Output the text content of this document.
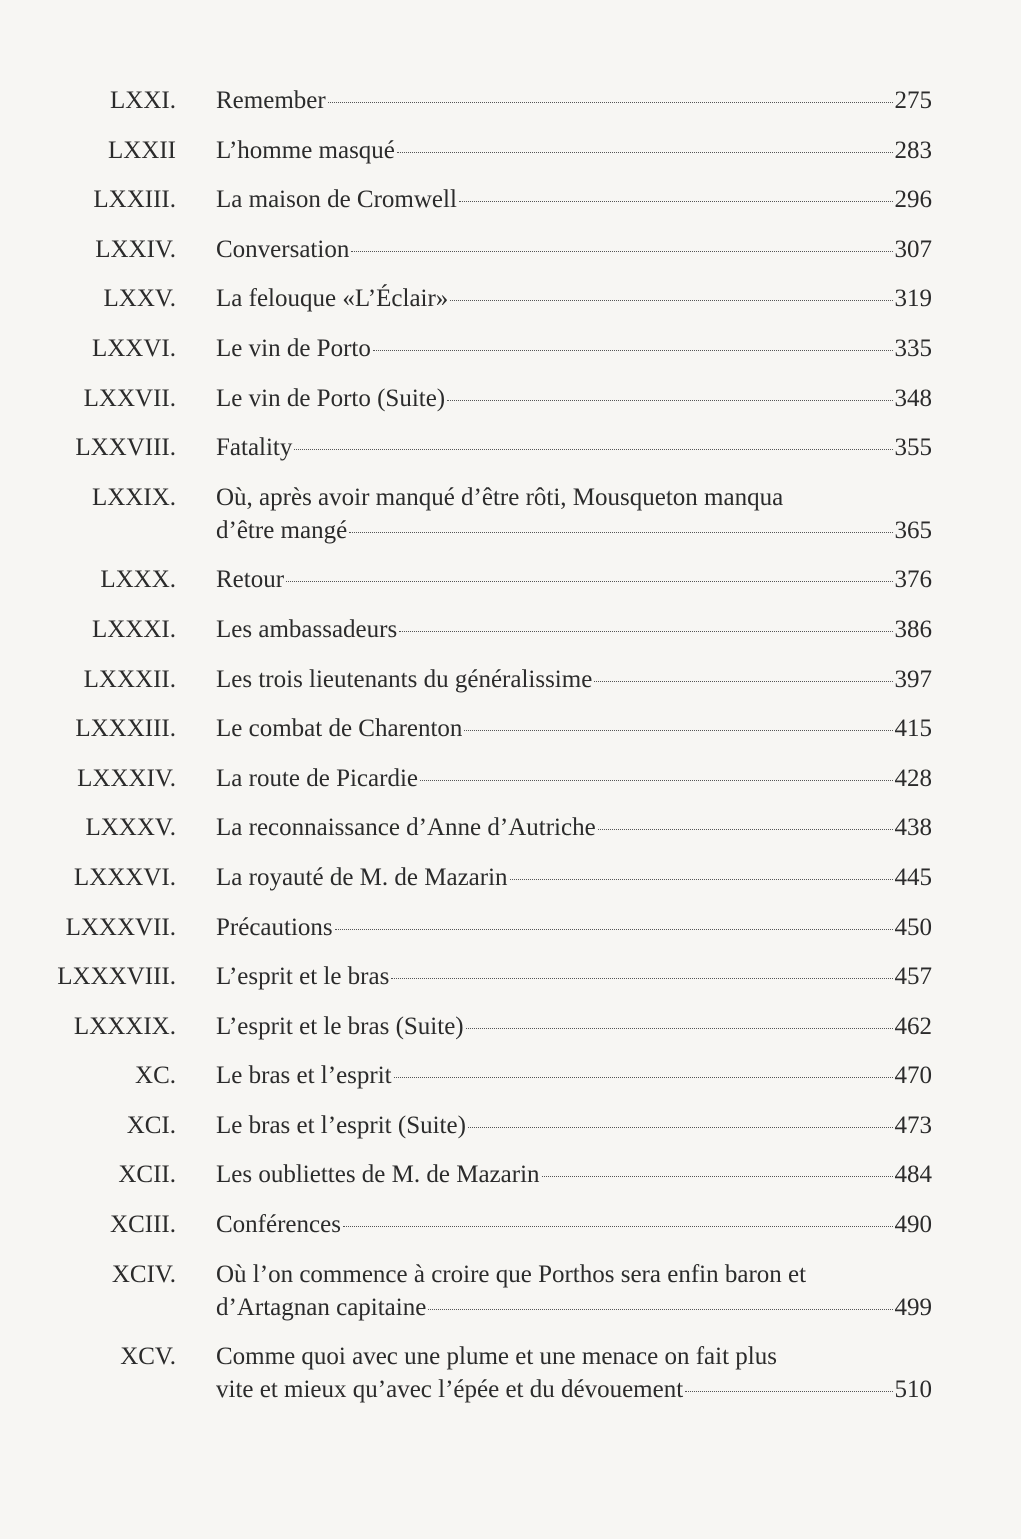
LXXI. Remember	275
LXXII L’homme masqué	283
LXXIII. La maison de Cromwell	296
LXXIV. Conversation	307
LXXV. La felouque «L’Éclair»	319
LXXVI. Le vin de Porto	335
LXXVII. Le vin de Porto (Suite)	348
LXXVIII. Fatality	355
LXXIX. Où, après avoir manqué d’être rôti, Mousqueton manqua
d’être mangé	365
LXXX. Retour	376
LXXXI. Les ambassadeurs	386
LXXXII. Les trois lieutenants du généralissime	397
LXXXIII. Le combat de Charenton	415
LXXXIV. La route de Picardie	428
LXXXV. La reconnaissance d’Anne d’Autriche	438
LXXXVI. La royauté de M. de Mazarin	445
LXXXVII. Précautions	450
LXXXVIII. L’esprit et le bras	457
LXXXIX. L’esprit et le bras (Suite)	462
XC. Le bras et l’esprit	470
XCI. Le bras et l’esprit (Suite)	473
XCII. Les oubliettes de M. de Mazarin	484
XCIII. Conférences	490
XCIV. Où l’on commence à croire que Porthos sera enfin baron et
d’Artagnan capitaine	499
XCV. Comme quoi avec une plume et une menace on fait plus
vite et mieux qu’avec l’épée et du dévouement	510
